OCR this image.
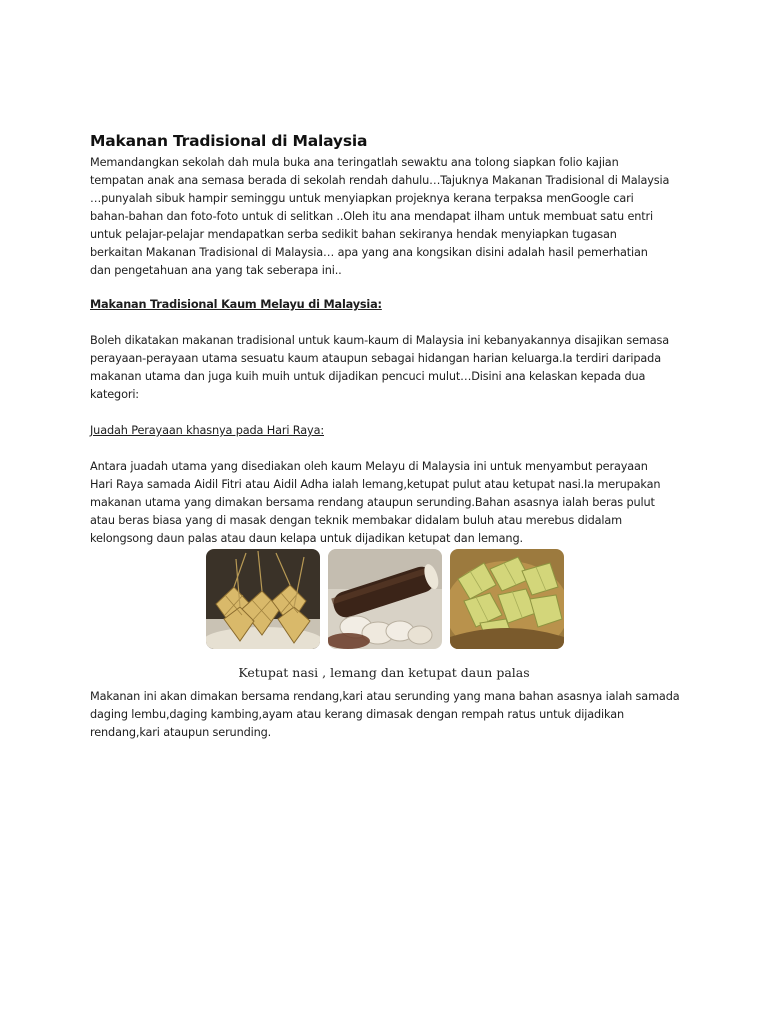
Makanan Tradisional di Malaysia

Memandangkan sekolah dah mula buka ana teringatlah sewaktu ana tolong siapkan folio kajian

tempatan anak ana semasa berada di sekolah rendah dahulu…Tajuknya Makanan Tradisional di Malaysia

…punyalah sibuk hampir seminggu untuk menyiapkan projeknya kerana terpaksa menGoogle cari

bahan-bahan dan foto-foto untuk di selitkan ..Oleh itu ana mendapat ilham untuk membuat satu entri

untuk pelajar-pelajar mendapatkan serba sedikit bahan sekiranya hendak menyiapkan tugasan

berkaitan Makanan Tradisional di Malaysia… apa yang ana kongsikan disini adalah hasil pemerhatian

dan pengetahuan ana yang tak seberapa ini..

Makanan Tradisional Kaum Melayu di Malaysia:

Boleh dikatakan makanan tradisional untuk kaum-kaum di Malaysia ini kebanyakannya disajikan semasa

perayaan-perayaan utama sesuatu kaum ataupun sebagai hidangan harian keluarga.Ia terdiri daripada

makanan utama dan juga kuih muih untuk dijadikan pencuci mulut…Disini ana kelaskan kepada dua

kategori:

Juadah Perayaan khasnya pada Hari Raya:

Antara juadah utama yang disediakan oleh kaum Melayu di Malaysia ini untuk menyambut perayaan

Hari Raya samada Aidil Fitri atau Aidil Adha ialah lemang,ketupat pulut atau ketupat nasi.Ia merupakan

makanan utama yang dimakan bersama rendang ataupun serunding.Bahan asasnya ialah beras pulut

atau beras biasa yang di masak dengan teknik membakar didalam buluh atau merebus didalam

kelongsong daun palas atau daun kelapa untuk dijadikan ketupat dan lemang.

Ketupat nasi , lemang dan ketupat daun palas

Makanan ini akan dimakan bersama rendang,kari atau serunding yang mana bahan asasnya ialah samada

daging lembu,daging kambing,ayam atau kerang dimasak dengan rempah ratus untuk dijadikan

rendang,kari ataupun serunding.
